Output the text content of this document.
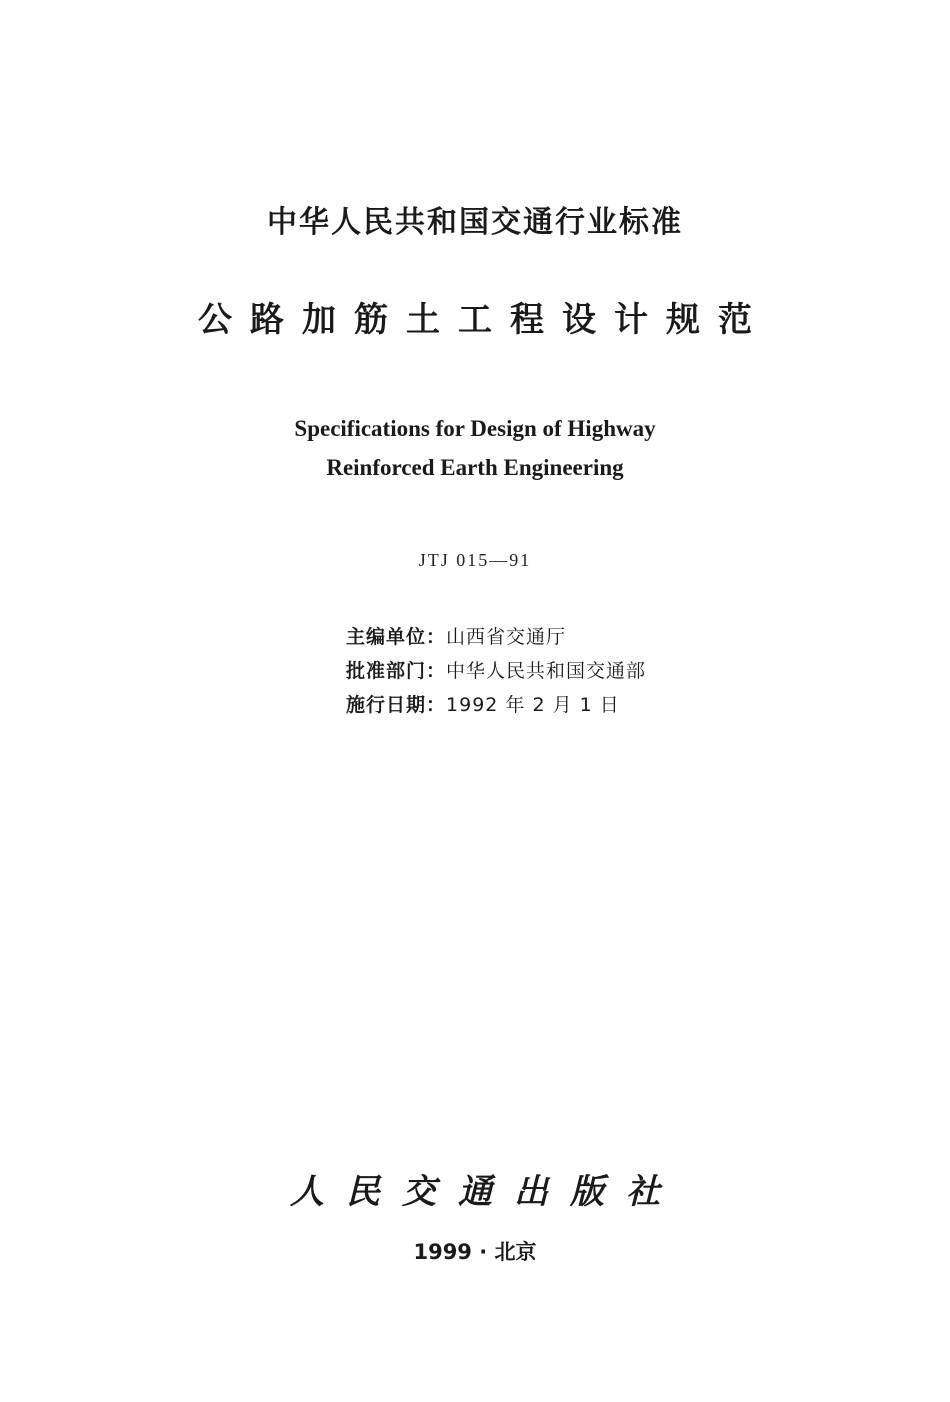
中华人民共和国交通行业标准
公路加筋土工程设计规范
Specifications for Design of Highway
Reinforced Earth Engineering
JTJ 015—91
主编单位：山西省交通厅
批准部门：中华人民共和国交通部
施行日期：1992 年 2 月 1 日
人民交通出版社
1999 · 北京
